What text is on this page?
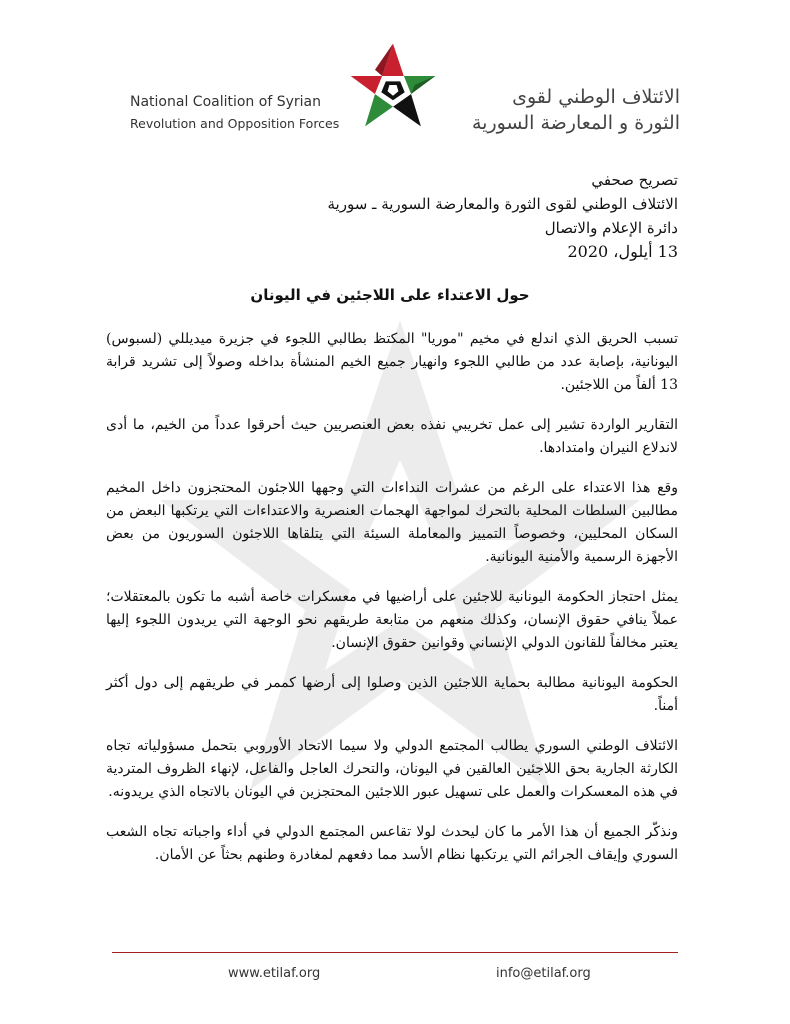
National Coalition of Syrian
Revolution and Opposition Forces
الائتلاف الوطني لقوى
الثورة و المعارضة السورية
تصريح صحفي
الائتلاف الوطني لقوى الثورة والمعارضة السورية ـ سورية
دائرة الإعلام والاتصال
13 أيلول، 2020
حول الاعتداء على اللاجئين في اليونان

تسبب الحريق الذي اندلع في مخيم "موريا" المكتظ بطالبي اللجوء في جزيرة ميديللي (لسبوس) اليونانية، بإصابة عدد من طالبي اللجوء وانهيار جميع الخيم المنشأة بداخله وصولاً إلى تشريد قرابة 13 ألفاً من اللاجئين.

التقارير الواردة تشير إلى عمل تخريبي نفذه بعض العنصريين حيث أحرقوا عدداً من الخيم، ما أدى لاندلاع النيران وامتدادها.

وقع هذا الاعتداء على الرغم من عشرات النداءات التي وجهها اللاجئون المحتجزون داخل المخيم مطالبين السلطات المحلية بالتحرك لمواجهة الهجمات العنصرية والاعتداءات التي يرتكبها البعض من السكان المحليين، وخصوصاً التمييز والمعاملة السيئة التي يتلقاها اللاجئون السوريون من بعض الأجهزة الرسمية والأمنية اليونانية.

يمثل احتجاز الحكومة اليونانية للاجئين على أراضيها في معسكرات خاصة أشبه ما تكون بالمعتقلات؛ عملاً ينافي حقوق الإنسان، وكذلك منعهم من متابعة طريقهم نحو الوجهة التي يريدون اللجوء إليها يعتبر مخالفاً للقانون الدولي الإنساني وقوانين حقوق الإنسان.

الحكومة اليونانية مطالبة بحماية اللاجئين الذين وصلوا إلى أرضها كممر في طريقهم إلى دول أكثر أمناً.

الائتلاف الوطني السوري يطالب المجتمع الدولي ولا سيما الاتحاد الأوروبي بتحمل مسؤولياته تجاه الكارثة الجارية بحق اللاجئين العالقين في اليونان، والتحرك العاجل والفاعل، لإنهاء الظروف المتردية في هذه المعسكرات والعمل على تسهيل عبور اللاجئين المحتجزين في اليونان بالاتجاه الذي يريدونه.

ونذكّر الجميع أن هذا الأمر ما كان ليحدث لولا تقاعس المجتمع الدولي في أداء واجباته تجاه الشعب السوري وإيقاف الجرائم التي يرتكبها نظام الأسد مما دفعهم لمغادرة وطنهم بحثاً عن الأمان.

www.etilaf.org	info@etilaf.org
